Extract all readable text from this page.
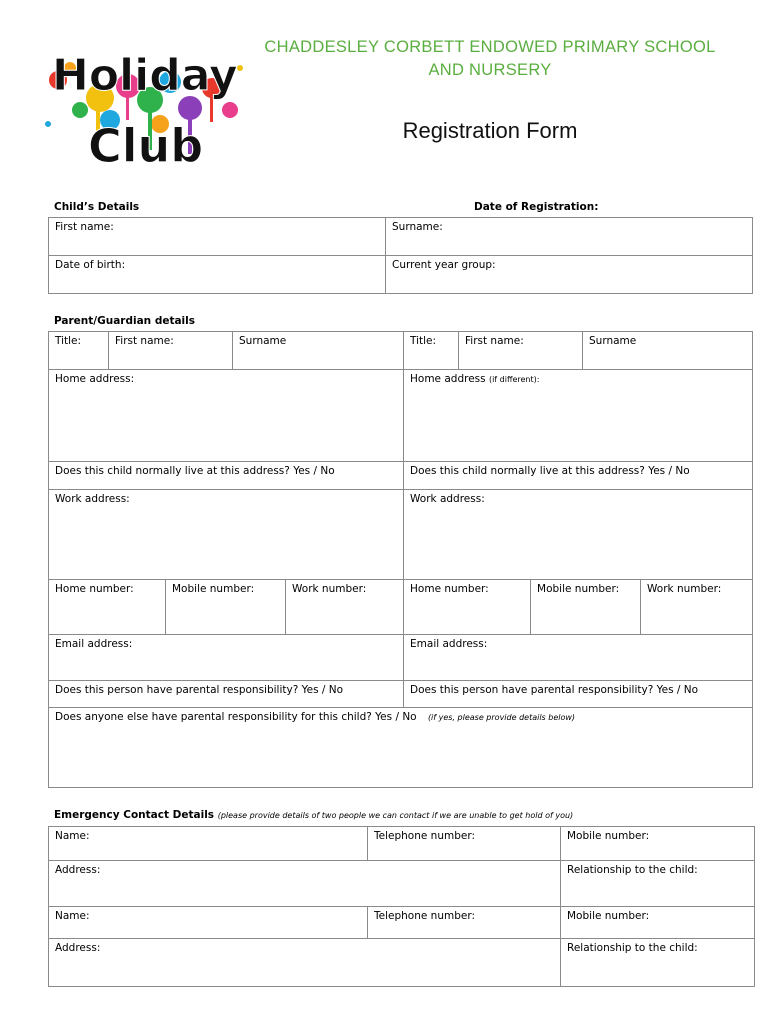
Holiday
Club
CHADDESLEY CORBETT ENDOWED PRIMARY SCHOOL
AND NURSERY
Registration Form
Child’s Details	Date of Registration:
First name:	Surname:
Date of birth:	Current year group:
Parent/Guardian details
Title:	First name:	Surname	Title:	First name:	Surname
Home address:			Home address (if different):		
Does this child normally live at this address? Yes / No			Does this child normally live at this address? Yes / No		
Work address:			Work address:		
Home number:	Mobile number:	Work number:	Home number:	Mobile number:	Work number:
Email address:			Email address:		
Does this person have parental responsibility? Yes / No			Does this person have parental responsibility? Yes / No		
Does anyone else have parental responsibility for this child? Yes / No (if yes, please provide details below)					
Emergency Contact Details (please provide details of two people we can contact if we are unable to get hold of you)
Name:	Telephone number:	Mobile number:
Address:		Relationship to the child:
Name:	Telephone number:	Mobile number:
Address:		Relationship to the child:
